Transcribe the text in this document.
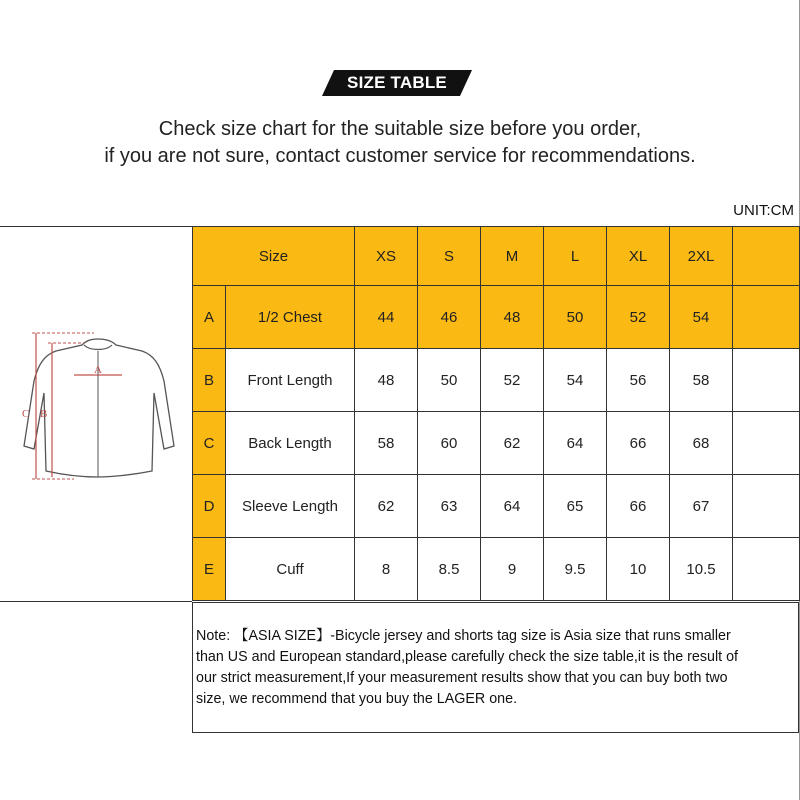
SIZE TABLE
Check size chart for the suitable size before you order,
if you are not sure, contact customer service for recommendations.
UNIT:CM
C B
A
Size		XS	S	M	L	XL	2XL	
A	1/2 Chest	44	46	48	50	52	54	
B	Front Length	48	50	52	54	56	58	
C	Back Length	58	60	62	64	66	68	
D	Sleeve Length	62	63	64	65	66	67	
E	Cuff	8	8.5	9	9.5	10	10.5	

Note: 【ASIA SIZE】-Bicycle jersey and shorts tag size is Asia size that runs smaller

than US and European standard,please carefully check the size table,it is the result of

our strict measurement,If your measurement results show that you can buy both two

size, we recommend that you buy the LAGER one.
